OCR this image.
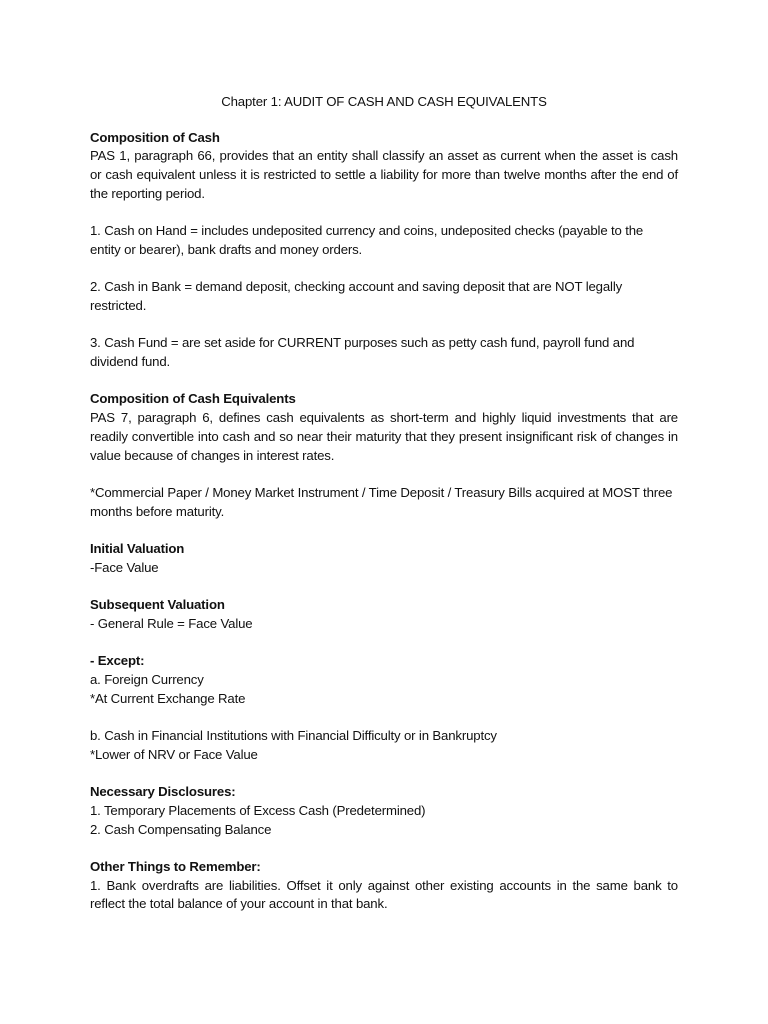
Chapter 1: AUDIT OF CASH AND CASH EQUIVALENTS

Composition of Cash

PAS 1, paragraph 66, provides that an entity shall classify an asset as current when the asset is cash or cash equivalent unless it is restricted to settle a liability for more than twelve months after the end of the reporting period.

1. Cash on Hand = includes undeposited currency and coins, undeposited checks (payable to the

entity or bearer), bank drafts and money orders.

2. Cash in Bank = demand deposit, checking account and saving deposit that are NOT legally

restricted.

3. Cash Fund = are set aside for CURRENT purposes such as petty cash fund, payroll fund and

dividend fund.

Composition of Cash Equivalents

PAS 7, paragraph 6, defines cash equivalents as short-term and highly liquid investments that are readily convertible into cash and so near their maturity that they present insignificant risk of changes in value because of changes in interest rates.

*Commercial Paper / Money Market Instrument / Time Deposit / Treasury Bills acquired at MOST three months before maturity.

Initial Valuation

-Face Value

Subsequent Valuation

- General Rule = Face Value

- Except:

a. Foreign Currency

*At Current Exchange Rate

b. Cash in Financial Institutions with Financial Difficulty or in Bankruptcy

*Lower of NRV or Face Value

Necessary Disclosures:

1. Temporary Placements of Excess Cash (Predetermined)

2. Cash Compensating Balance

Other Things to Remember:

1. Bank overdrafts are liabilities. Offset it only against other existing accounts in the same bank to reflect the total balance of your account in that bank.
